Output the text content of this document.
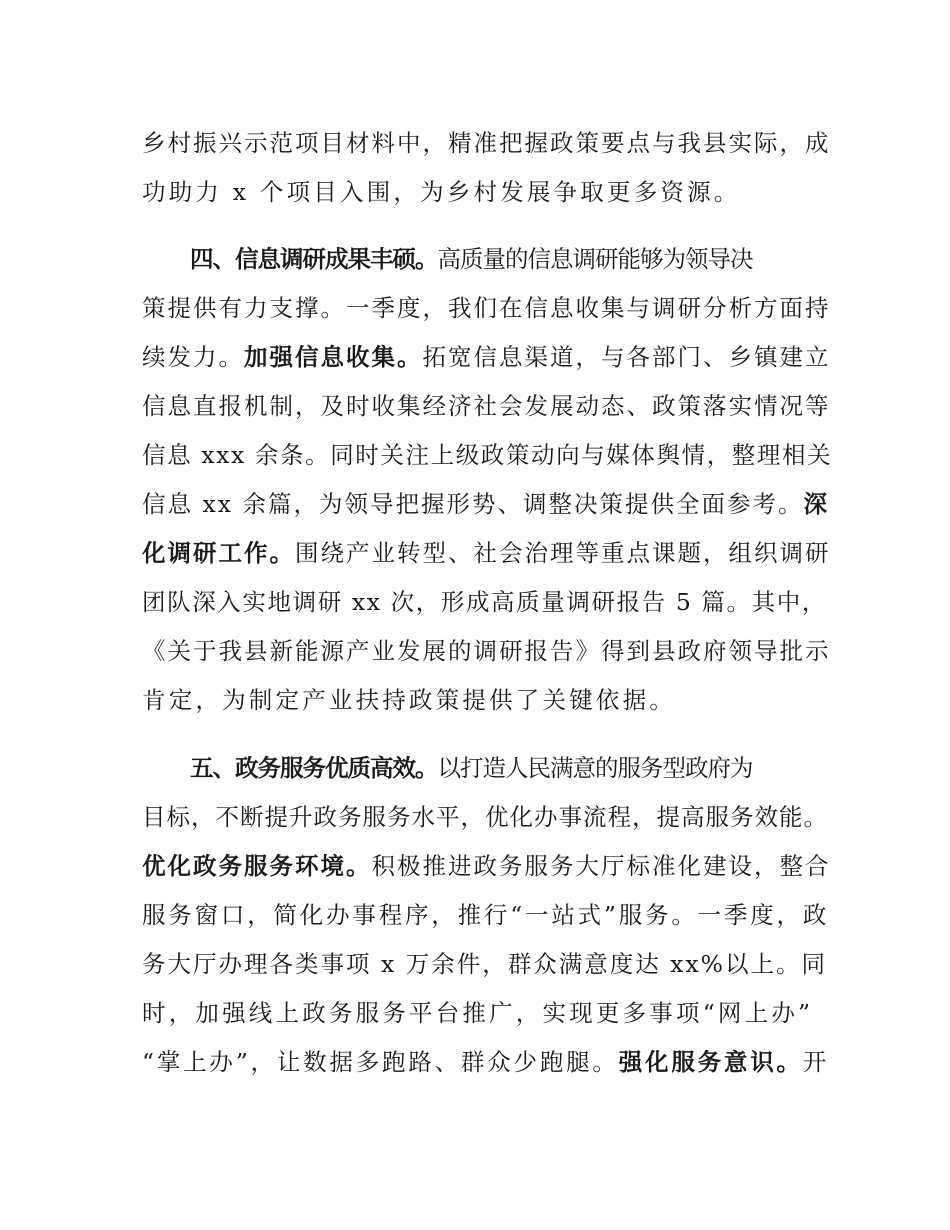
乡村振兴示范项目材料中，精准把握政策要点与我县实际，成
功助力 x 个项目入围，为乡村发展争取更多资源。
四、信息调研成果丰硕。高质量的信息调研能够为领导决
策提供有力支撑。一季度，我们在信息收集与调研分析方面持
续发力。加强信息收集。拓宽信息渠道，与各部门、乡镇建立
信息直报机制，及时收集经济社会发展动态、政策落实情况等
信息 xxx 余条。同时关注上级政策动向与媒体舆情，整理相关
信息 xx 余篇，为领导把握形势、调整决策提供全面参考。深
化调研工作。围绕产业转型、社会治理等重点课题，组织调研
团队深入实地调研 xx 次，形成高质量调研报告 5 篇。其中，
《关于我县新能源产业发展的调研报告》得到县政府领导批示
肯定，为制定产业扶持政策提供了关键依据。
五、政务服务优质高效。以打造人民满意的服务型政府为
目标，不断提升政务服务水平，优化办事流程，提高服务效能。
优化政务服务环境。积极推进政务服务大厅标准化建设，整合
服务窗口，简化办事程序，推行“一站式”服务。一季度，政
务大厅办理各类事项 x 万余件，群众满意度达 xx%以上。同
时，加强线上政务服务平台推广，实现更多事项“网上办”
“掌上办”，让数据多跑路、群众少跑腿。强化服务意识。开
